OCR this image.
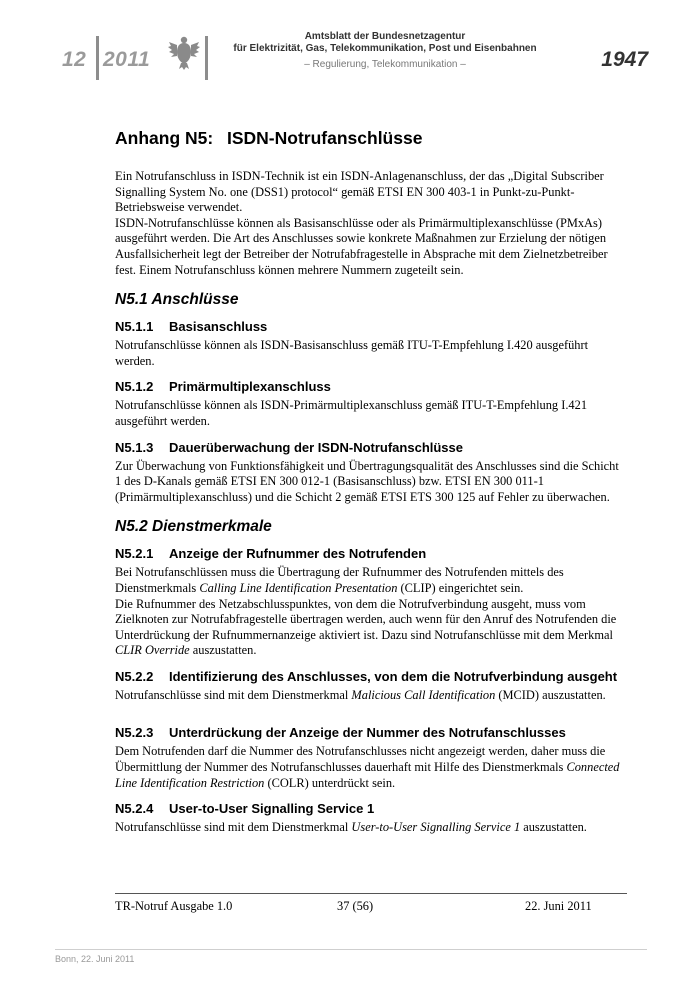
12 2011
Amtsblatt der Bundesnetzagentur
für Elektrizität, Gas, Telekommunikation, Post und Eisenbahnen
– Regulierung, Telekommunikation –	1947
Anhang N5: ISDN-Notrufanschlüsse

Ein Notrufanschluss in ISDN-Technik ist ein ISDN-Anlagenanschluss, der das „Digital Subscriber Signalling System No. one (DSS1) protocol“ gemäß ETSI EN 300 403-1 in Punkt-zu-Punkt-Betriebsweise verwendet.

ISDN-Notrufanschlüsse können als Basisanschlüsse oder als Primärmultiplexanschlüsse (PMxAs) ausgeführt werden. Die Art des Anschlusses sowie konkrete Maßnahmen zur Erzielung der nötigen Ausfallsicherheit legt der Betreiber der Notrufabfragestelle in Absprache mit dem Zielnetzbetreiber fest. Einem Notrufanschluss können mehrere Nummern zugeteilt sein.

N5.1 Anschlüsse
N5.1.1	Basisanschluss

Notrufanschlüsse können als ISDN-Basisanschluss gemäß ITU-T-Empfehlung I.420 ausgeführt werden.

N5.1.2	Primärmultiplexanschluss

Notrufanschlüsse können als ISDN-Primärmultiplexanschluss gemäß ITU-T-Empfehlung I.421 ausgeführt werden.

N5.1.3	Dauerüberwachung der ISDN-Notrufanschlüsse

Zur Überwachung von Funktionsfähigkeit und Übertragungsqualität des Anschlusses sind die Schicht 1 des D-Kanals gemäß ETSI EN 300 012-1 (Basisanschluss) bzw. ETSI EN 300 011-1 (Primärmultiplexanschluss) und die Schicht 2 gemäß ETSI ETS 300 125 auf Fehler zu überwachen.

N5.2 Dienstmerkmale
N5.2.1	Anzeige der Rufnummer des Notrufenden

Bei Notrufanschlüssen muss die Übertragung der Rufnummer des Notrufenden mittels des Dienstmerkmals Calling Line Identification Presentation (CLIP) eingerichtet sein.

Die Rufnummer des Netzabschlusspunktes, von dem die Notrufverbindung ausgeht, muss vom Zielknoten zur Notrufabfragestelle übertragen werden, auch wenn für den Anruf des Notrufenden die Unterdrückung der Rufnummernanzeige aktiviert ist. Dazu sind Notrufanschlüsse mit dem Merkmal CLIR Override auszustatten.

N5.2.2	Identifizierung des Anschlusses, von dem die Notrufverbindung ausgeht

Notrufanschlüsse sind mit dem Dienstmerkmal Malicious Call Identification (MCID) auszustatten.

N5.2.3	Unterdrückung der Anzeige der Nummer des Notrufanschlusses

Dem Notrufenden darf die Nummer des Notrufanschlusses nicht angezeigt werden, daher muss die Übermittlung der Nummer des Notrufanschlusses dauerhaft mit Hilfe des Dienstmerkmals Connected Line Identification Restriction (COLR) unterdrückt sein.

N5.2.4	User-to-User Signalling Service 1

Notrufanschlüsse sind mit dem Dienstmerkmal User-to-User Signalling Service 1 auszustatten.

TR-Notruf Ausgabe 1.0	37 (56)	22. Juni 2011
Bonn, 22. Juni 2011
